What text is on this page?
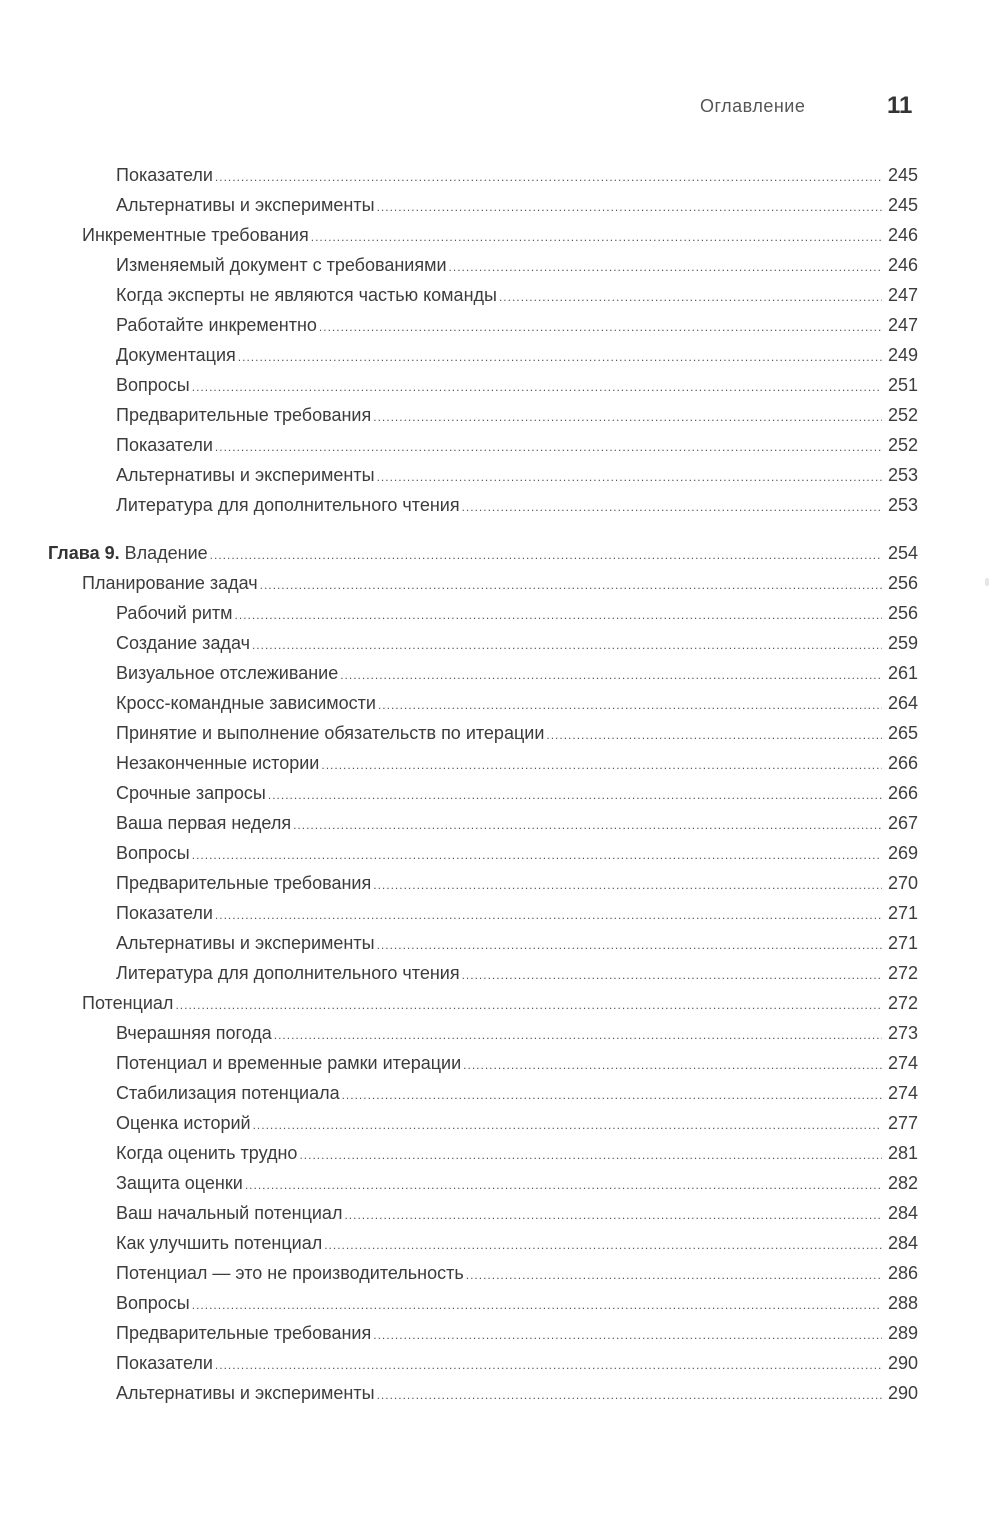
Оглавление	11
Показатели .....	245
Альтернативы и эксперименты .....	245
Инкрементные требования .....	246
Изменяемый документ с требованиями .....	246
Когда эксперты не являются частью команды .....	247
Работайте инкрементно .....	247
Документация .....	249
Вопросы .....	251
Предварительные требования .....	252
Показатели .....	252
Альтернативы и эксперименты .....	253
Литература для дополнительного чтения .....	253
Глава 9. Владение .....	254
Планирование задач .....	256
Рабочий ритм .....	256
Создание задач .....	259
Визуальное отслеживание .....	261
Кросс-командные зависимости .....	264
Принятие и выполнение обязательств по итерации .....	265
Незаконченные истории .....	266
Срочные запросы .....	266
Ваша первая неделя .....	267
Вопросы .....	269
Предварительные требования .....	270
Показатели .....	271
Альтернативы и эксперименты .....	271
Литература для дополнительного чтения .....	272
Потенциал .....	272
Вчерашняя погода .....	273
Потенциал и временные рамки итерации .....	274
Стабилизация потенциала .....	274
Оценка историй .....	277
Когда оценить трудно .....	281
Защита оценки .....	282
Ваш начальный потенциал .....	284
Как улучшить потенциал .....	284
Потенциал — это не производительность .....	286
Вопросы .....	288
Предварительные требования .....	289
Показатели .....	290
Альтернативы и эксперименты .....	290
